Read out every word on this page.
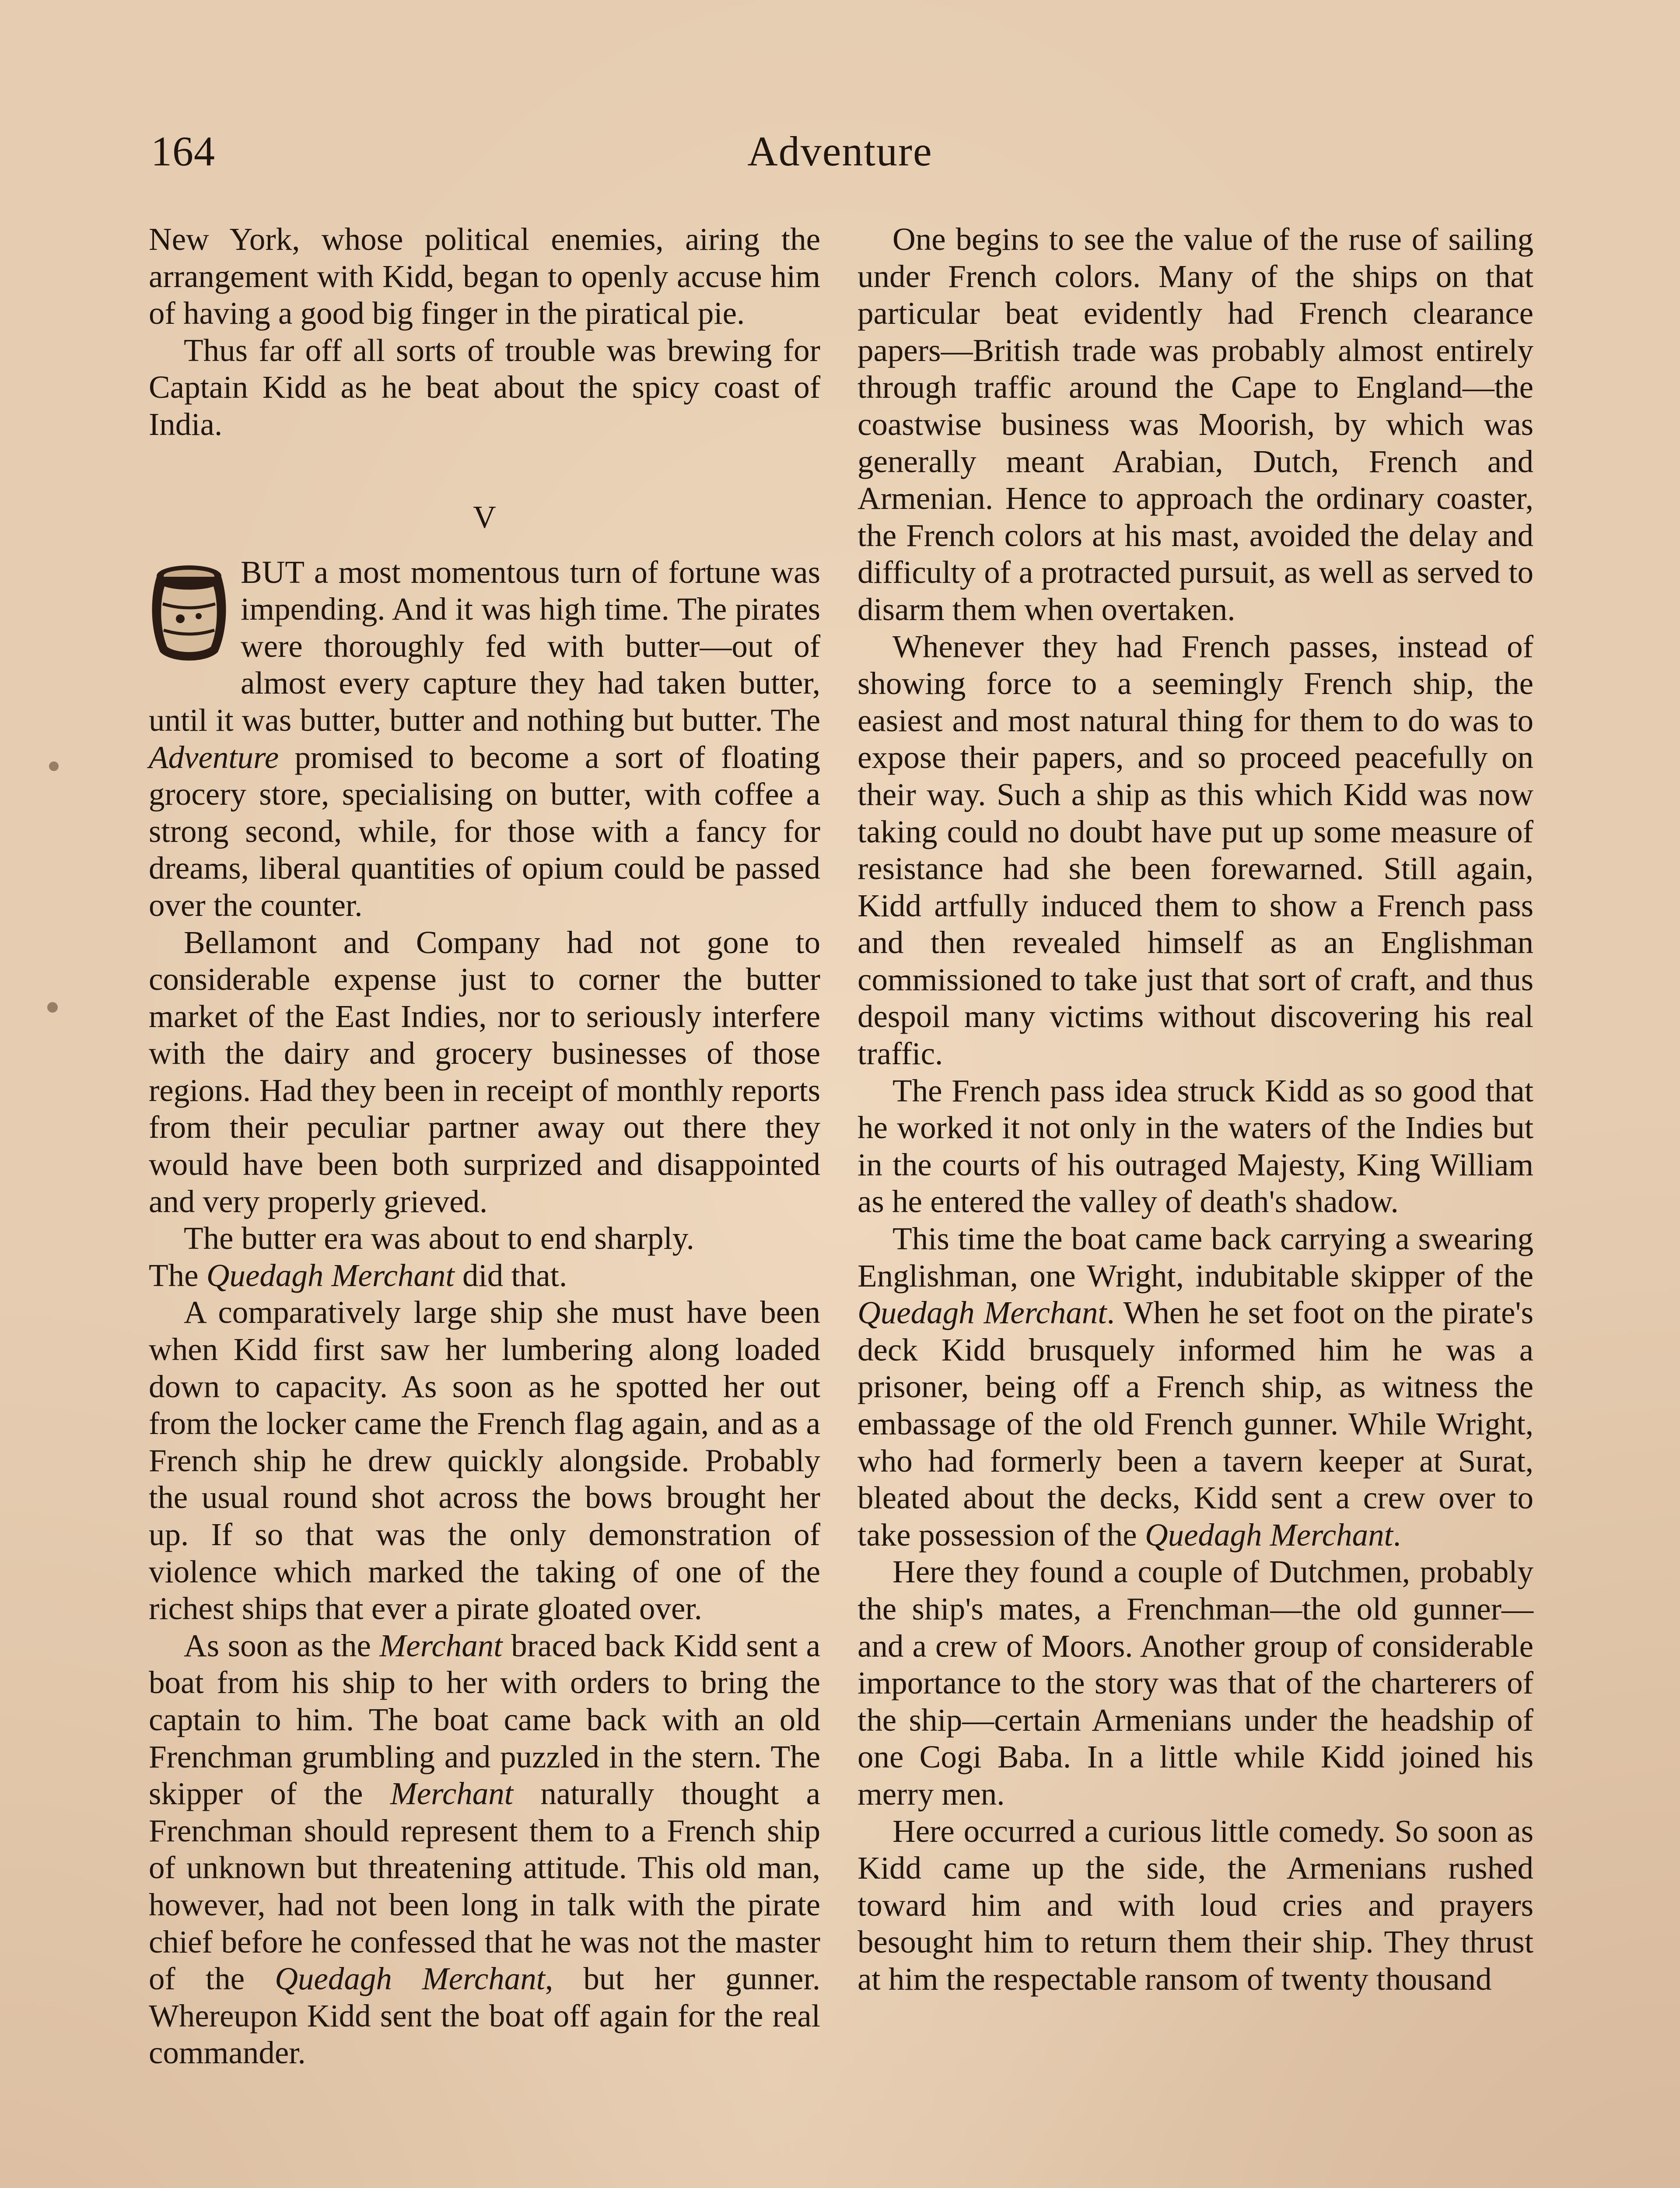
164	Adventure

New York, whose political enemies, airing the arrangement with Kidd, began to openly accuse him of having a good big finger in the piratical pie.

Thus far off all sorts of trouble was brewing for Captain Kidd as he beat about the spicy coast of India.

V

BUT a most momentous turn of fortune was impending. And it was high time. The pirates were thoroughly fed with butter—out of almost every capture they had taken butter, until it was butter, butter and nothing but butter. The Adventure promised to become a sort of floating grocery store, specialising on butter, with coffee a strong second, while, for those with a fancy for dreams, liberal quantities of opium could be passed over the counter.

Bellamont and Company had not gone to considerable expense just to corner the butter market of the East Indies, nor to seriously interfere with the dairy and grocery businesses of those regions. Had they been in receipt of monthly reports from their peculiar partner away out there they would have been both surprized and disappointed and very properly grieved.

The butter era was about to end sharply.

The Quedagh Merchant did that.

A comparatively large ship she must have been when Kidd first saw her lumbering along loaded down to capacity. As soon as he spotted her out from the locker came the French flag again, and as a French ship he drew quickly alongside. Probably the usual round shot across the bows brought her up. If so that was the only demonstration of violence which marked the taking of one of the richest ships that ever a pirate gloated over.

As soon as the Merchant braced back Kidd sent a boat from his ship to her with orders to bring the captain to him. The boat came back with an old Frenchman grumbling and puzzled in the stern. The skipper of the Merchant naturally thought a Frenchman should represent them to a French ship of unknown but threatening attitude. This old man, however, had not been long in talk with the pirate chief before he confessed that he was not the master of the Quedagh Merchant, but her gunner. Whereupon Kidd sent the boat off again for the real commander.

One begins to see the value of the ruse of sailing under French colors. Many of the ships on that particular beat evidently had French clearance papers—British trade was probably almost entirely through traffic around the Cape to England—the coastwise business was Moorish, by which was generally meant Arabian, Dutch, French and Armenian. Hence to approach the ordinary coaster, the French colors at his mast, avoided the delay and difficulty of a protracted pursuit, as well as served to disarm them when overtaken.

Whenever they had French passes, instead of showing force to a seemingly French ship, the easiest and most natural thing for them to do was to expose their papers, and so proceed peacefully on their way. Such a ship as this which Kidd was now taking could no doubt have put up some measure of resistance had she been forewarned. Still again, Kidd artfully induced them to show a French pass and then revealed himself as an Englishman commissioned to take just that sort of craft, and thus despoil many victims without discovering his real traffic.

The French pass idea struck Kidd as so good that he worked it not only in the waters of the Indies but in the courts of his outraged Majesty, King William as he entered the valley of death's shadow.

This time the boat came back carrying a swearing Englishman, one Wright, indubitable skipper of the Quedagh Merchant. When he set foot on the pirate's deck Kidd brusquely informed him he was a prisoner, being off a French ship, as witness the embassage of the old French gunner. While Wright, who had formerly been a tavern keeper at Surat, bleated about the decks, Kidd sent a crew over to take possession of the Quedagh Merchant.

Here they found a couple of Dutchmen, probably the ship's mates, a Frenchman—the old gunner—and a crew of Moors. Another group of considerable importance to the story was that of the charterers of the ship—certain Armenians under the headship of one Cogi Baba. In a little while Kidd joined his merry men.

Here occurred a curious little comedy. So soon as Kidd came up the side, the Armenians rushed toward him and with loud cries and prayers besought him to return them their ship. They thrust at him the respectable ransom of twenty thousand
